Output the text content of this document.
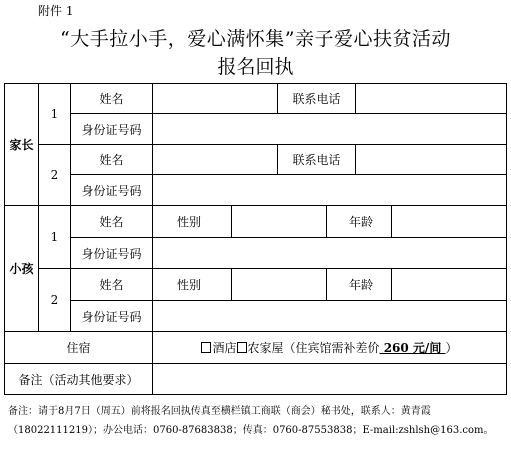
附件 1
“大手拉小手，爱心满怀集”亲子爱心扶贫活动
报名回执
家长
1
姓名	联系电话
身份证号码
2
姓名	联系电话
身份证号码
小孩
1
姓名	性别	年龄
身份证号码
2
姓名	性别	年龄
身份证号码
住宿	酒店 农家屋（住宾馆需补差价 260 元/间 ）
备注（活动其他要求）
备注：请于8月7日（周五）前将报名回执传真至横栏镇工商联（商会）秘书处，联系人：黄青霞
（18022111219）；办公电话：0760-87683838；传真：0760-87553838；E-mail:zshlsh@163.com。
